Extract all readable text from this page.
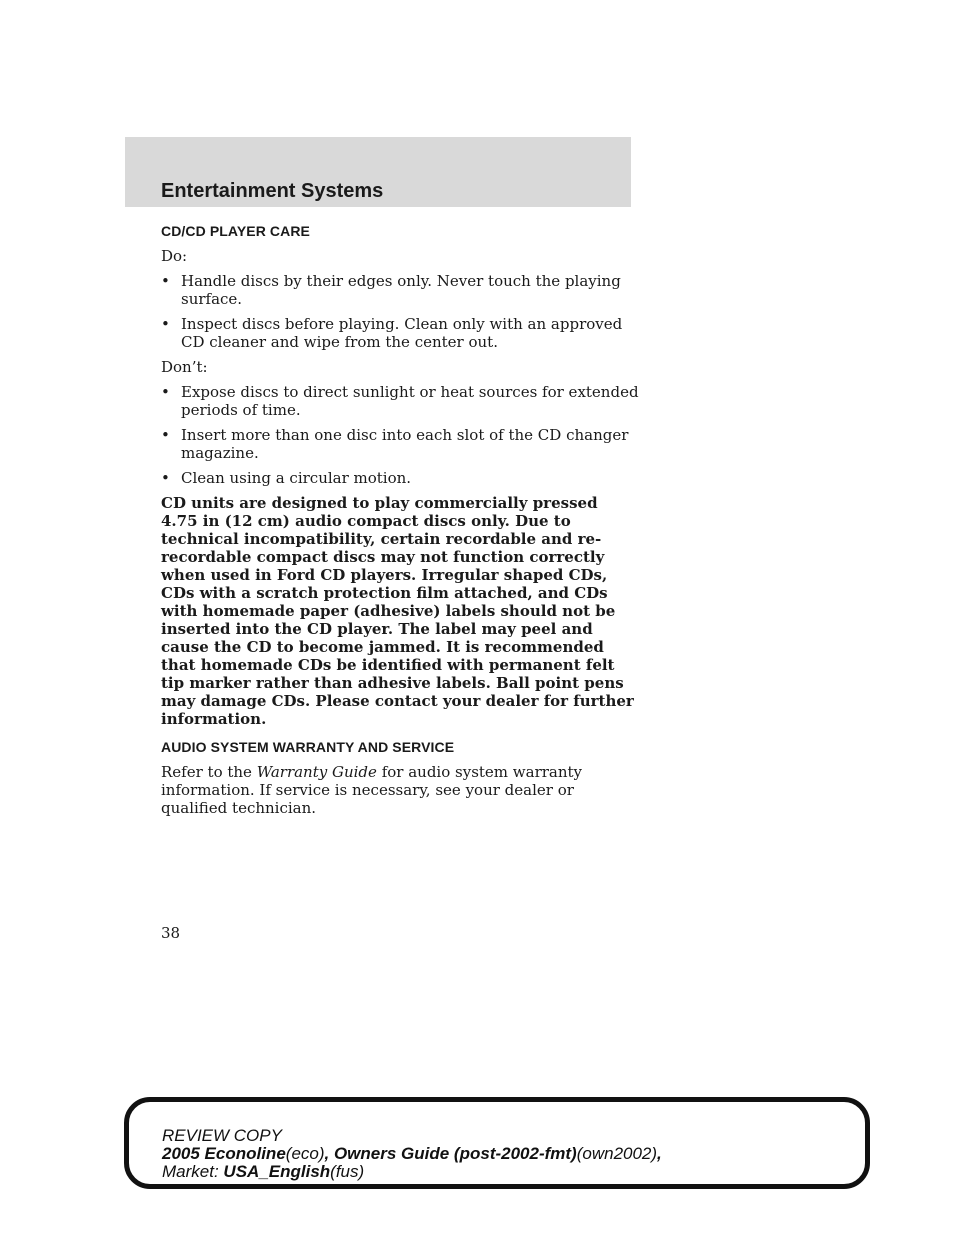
Entertainment Systems
CD/CD PLAYER CARE

Do:

• Handle discs by their edges only. Never touch the playing surface.
• Inspect discs before playing. Clean only with an approved CD cleaner and wipe from the center out.

Don’t:

• Expose discs to direct sunlight or heat sources for extended periods of time.
• Insert more than one disc into each slot of the CD changer magazine.
• Clean using a circular motion.

CD units are designed to play commercially pressed 4.75 in (12 cm) audio compact discs only. Due to technical incompatibility, certain recordable and re-recordable compact discs may not function correctly when used in Ford CD players. Irregular shaped CDs, CDs with a scratch protection film attached, and CDs with homemade paper (adhesive) labels should not be inserted into the CD player. The label may peel and cause the CD to become jammed. It is recommended that homemade CDs be identified with permanent felt tip marker rather than adhesive labels. Ball point pens may damage CDs. Please contact your dealer for further information.

AUDIO SYSTEM WARRANTY AND SERVICE

Refer to the Warranty Guide for audio system warranty information. If service is necessary, see your dealer or qualified technician.

38

REVIEW COPY
2005 Econoline(eco), Owners Guide (post-2002-fmt)(own2002),
Market: USA_English(fus)
